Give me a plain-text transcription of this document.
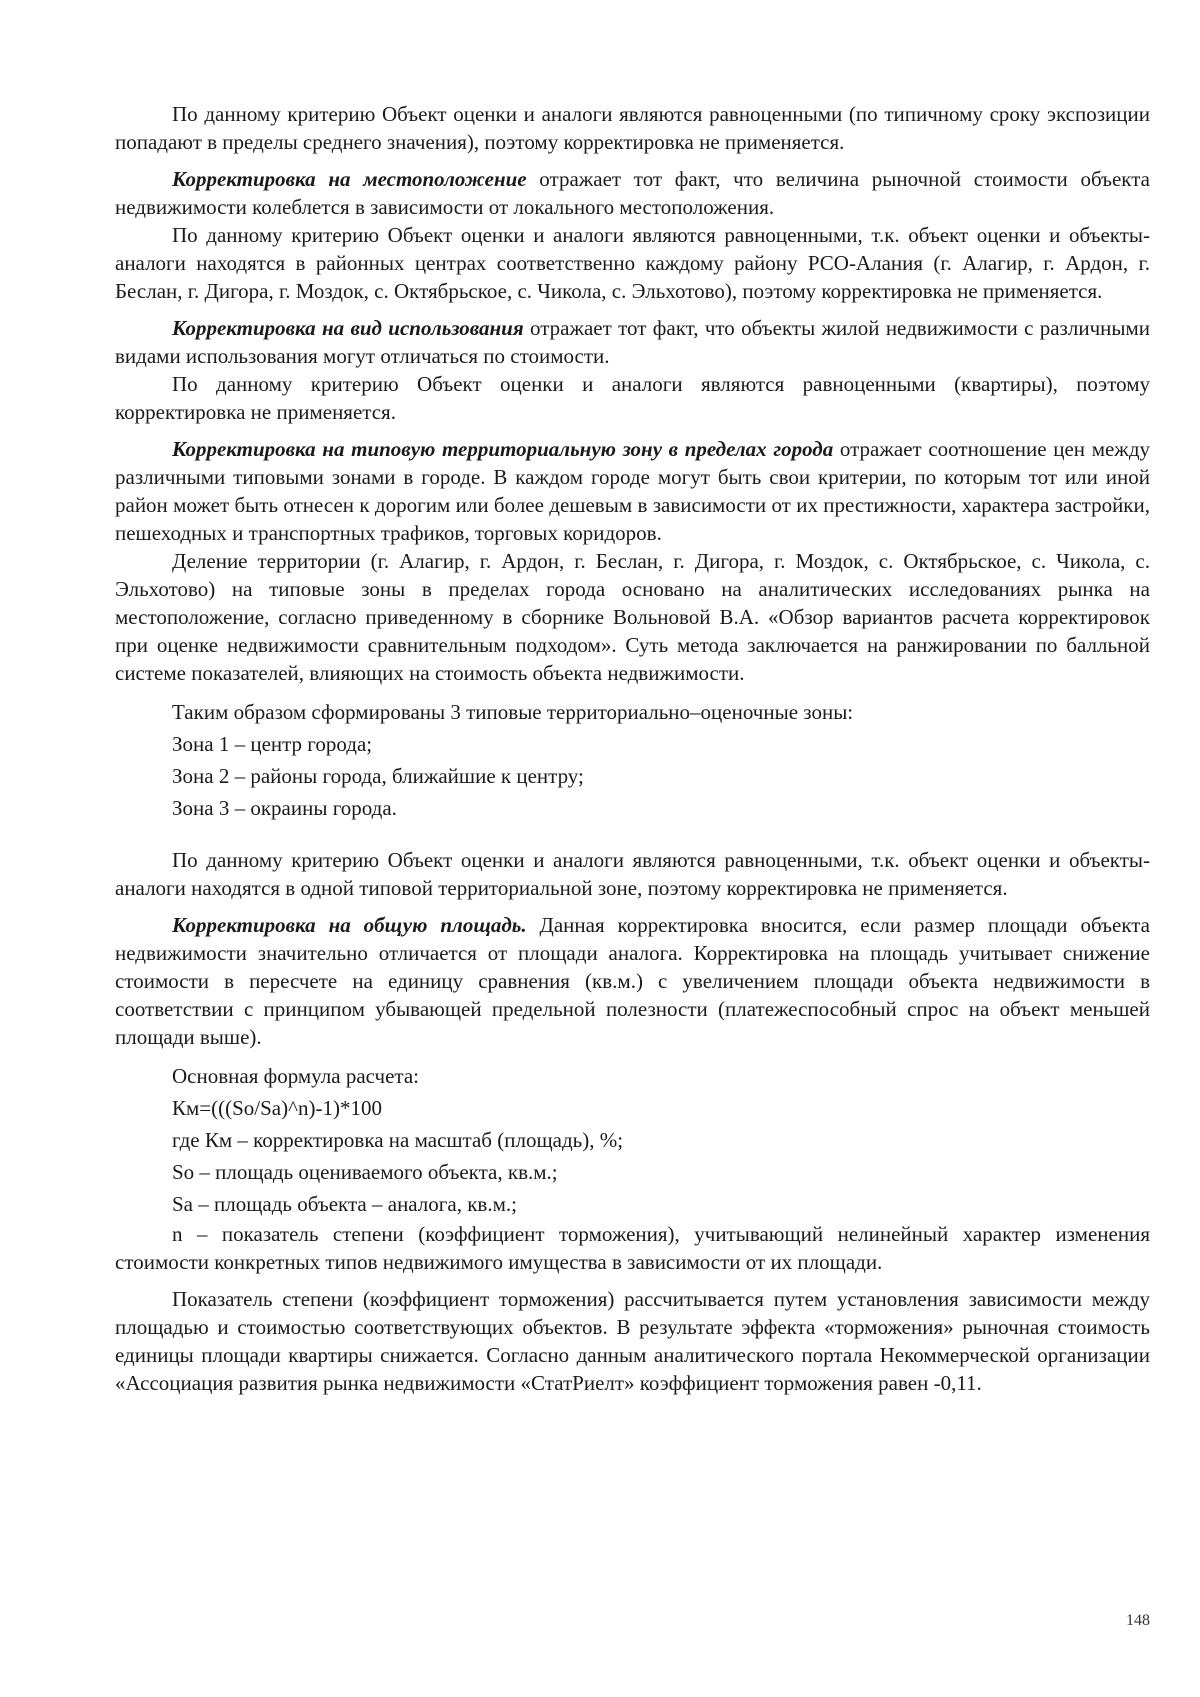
По данному критерию Объект оценки и аналоги являются равноценными (по типичному сроку экспозиции попадают в пределы среднего значения), поэтому корректировка не применяется.

Корректировка на местоположение отражает тот факт, что величина рыночной стоимости объекта недвижимости колеблется в зависимости от локального местоположения.

По данному критерию Объект оценки и аналоги являются равноценными, т.к. объект оценки и объекты-аналоги находятся в районных центрах соответственно каждому району РСО-Алания (г. Алагир, г. Ардон, г. Беслан, г. Дигора, г. Моздок, с. Октябрьское, с. Чикола, с. Эльхотово), поэтому корректировка не применяется.

Корректировка на вид использования отражает тот факт, что объекты жилой недвижимости с различными видами использования могут отличаться по стоимости.

По данному критерию Объект оценки и аналоги являются равноценными (квартиры), поэтому корректировка не применяется.

Корректировка на типовую территориальную зону в пределах города отражает соотношение цен между различными типовыми зонами в городе. В каждом городе могут быть свои критерии, по которым тот или иной район может быть отнесен к дорогим или более дешевым в зависимости от их престижности, характера застройки, пешеходных и транспортных трафиков, торговых коридоров.

Деление территории (г. Алагир, г. Ардон, г. Беслан, г. Дигора, г. Моздок, с. Октябрьское, с. Чикола, с. Эльхотово) на типовые зоны в пределах города основано на аналитических исследованиях рынка на местоположение, согласно приведенному в сборнике Вольновой В.А. «Обзор вариантов расчета корректировок при оценке недвижимости сравнительным подходом». Суть метода заключается на ранжировании по балльной системе показателей, влияющих на стоимость объекта недвижимости.

Таким образом сформированы 3 типовые территориально–оценочные зоны:

Зона 1 – центр города;

Зона 2 – районы города, ближайшие к центру;

Зона 3 – окраины города.

По данному критерию Объект оценки и аналоги являются равноценными, т.к. объект оценки и объекты-аналоги находятся в одной типовой территориальной зоне, поэтому корректировка не применяется.

Корректировка на общую площадь. Данная корректировка вносится, если размер площади объекта недвижимости значительно отличается от площади аналога. Корректировка на площадь учитывает снижение стоимости в пересчете на единицу сравнения (кв.м.) с увеличением площади объекта недвижимости в соответствии с принципом убывающей предельной полезности (платежеспособный спрос на объект меньшей площади выше).

Основная формула расчета:

Км=(((So/Sa)^n)-1)*100

где Км – корректировка на масштаб (площадь), %;

So – площадь оцениваемого объекта, кв.м.;

Sa – площадь объекта – аналога, кв.м.;

n – показатель степени (коэффициент торможения), учитывающий нелинейный характер изменения стоимости конкретных типов недвижимого имущества в зависимости от их площади.

Показатель степени (коэффициент торможения) рассчитывается путем установления зависимости между площадью и стоимостью соответствующих объектов. В результате эффекта «торможения» рыночная стоимость единицы площади квартиры снижается. Согласно данным аналитического портала Некоммерческой организации «Ассоциация развития рынка недвижимости «СтатРиелт» коэффициент торможения равен -0,11.

148
